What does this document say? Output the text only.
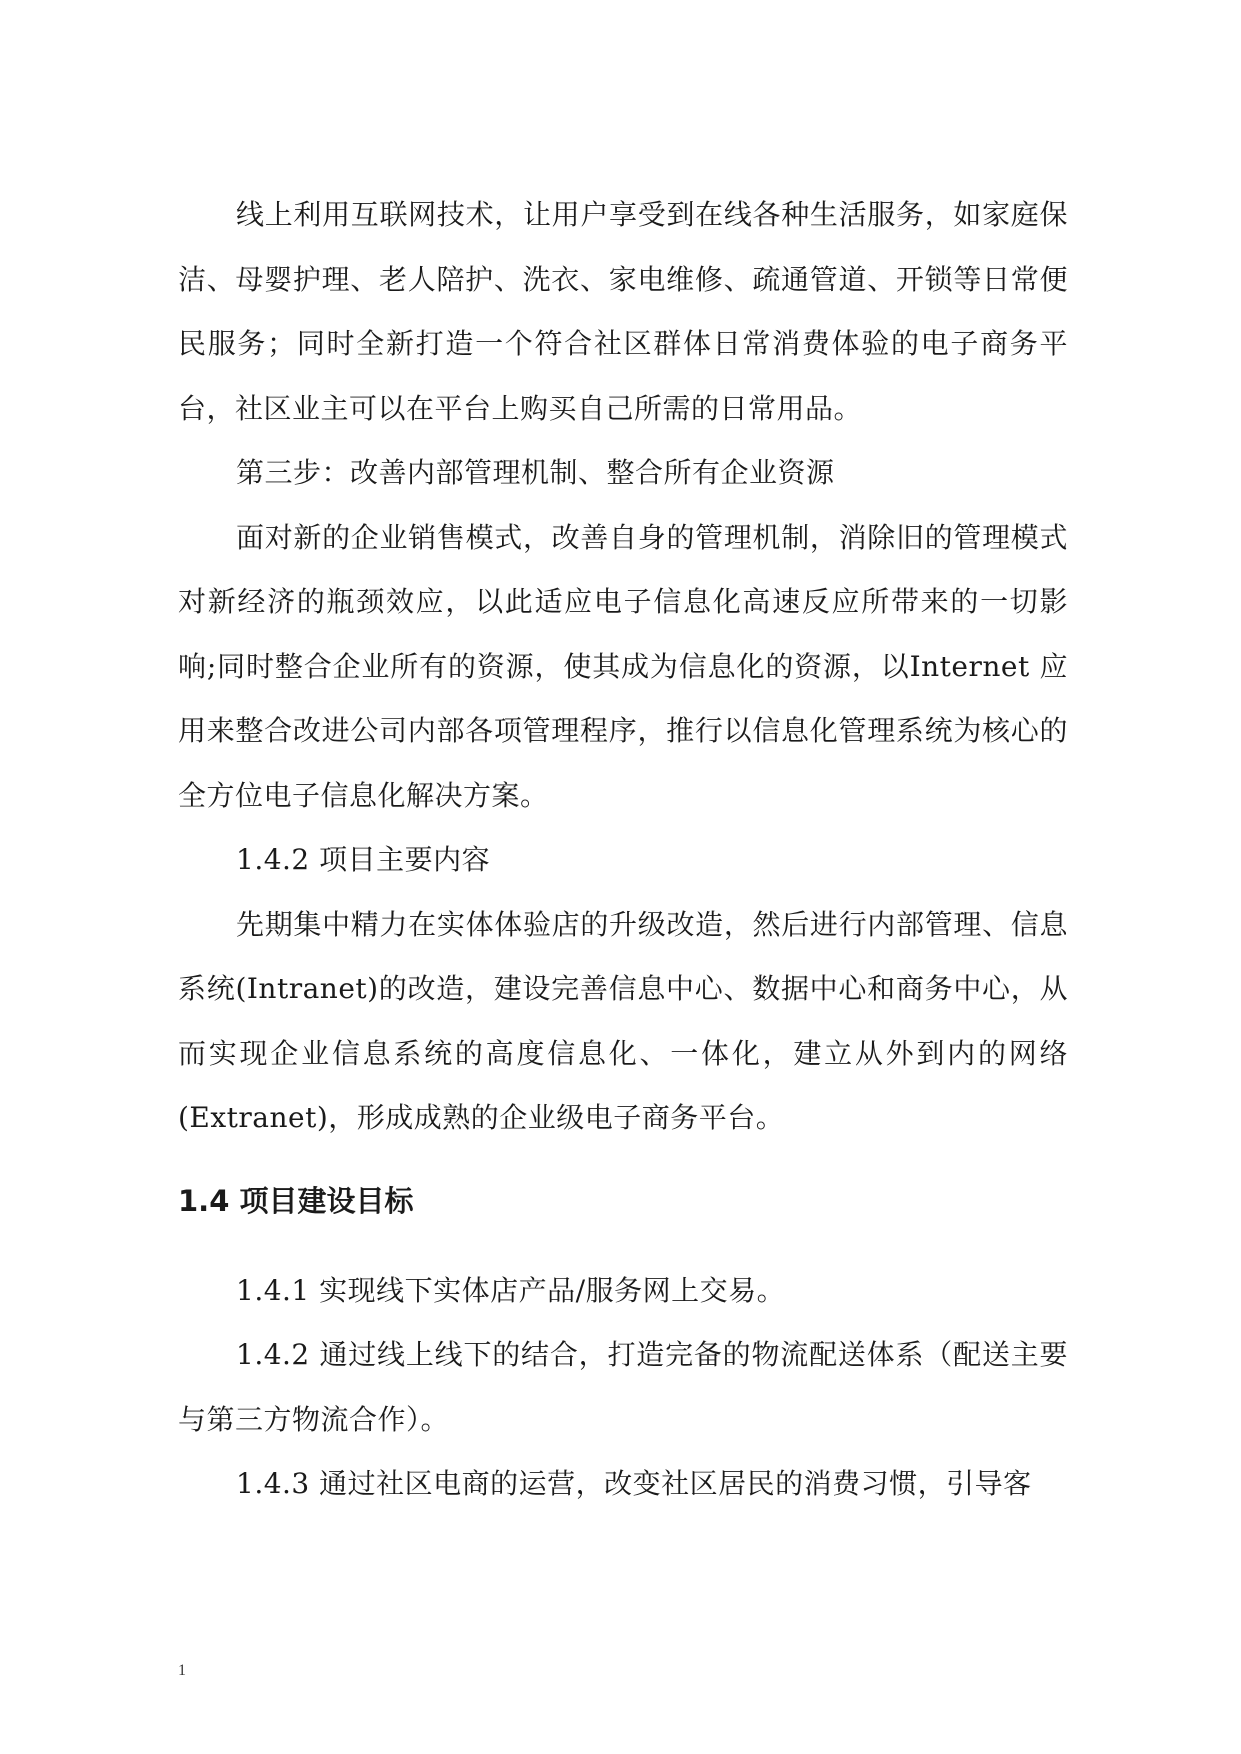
线上利用互联网技术，让用户享受到在线各种生活服务，如家庭保洁、母婴护理、老人陪护、洗衣、家电维修、疏通管道、开锁等日常便民服务；同时全新打造一个符合社区群体日常消费体验的电子商务平台，社区业主可以在平台上购买自己所需的日常用品。

第三步：改善内部管理机制、整合所有企业资源

面对新的企业销售模式，改善自身的管理机制，消除旧的管理模式对新经济的瓶颈效应，以此适应电子信息化高速反应所带来的一切影响;同时整合企业所有的资源，使其成为信息化的资源，以Internet 应用来整合改进公司内部各项管理程序，推行以信息化管理系统为核心的全方位电子信息化解决方案。

1.4.2 项目主要内容

先期集中精力在实体体验店的升级改造，然后进行内部管理、信息系统(Intranet)的改造，建设完善信息中心、数据中心和商务中心，从而实现企业信息系统的高度信息化、一体化，建立从外到内的网络(Extranet)，形成成熟的企业级电子商务平台。

1.4 项目建设目标

1.4.1 实现线下实体店产品/服务网上交易。

1.4.2 通过线上线下的结合，打造完备的物流配送体系（配送主要与第三方物流合作）。

1.4.3 通过社区电商的运营，改变社区居民的消费习惯，引导客

1
